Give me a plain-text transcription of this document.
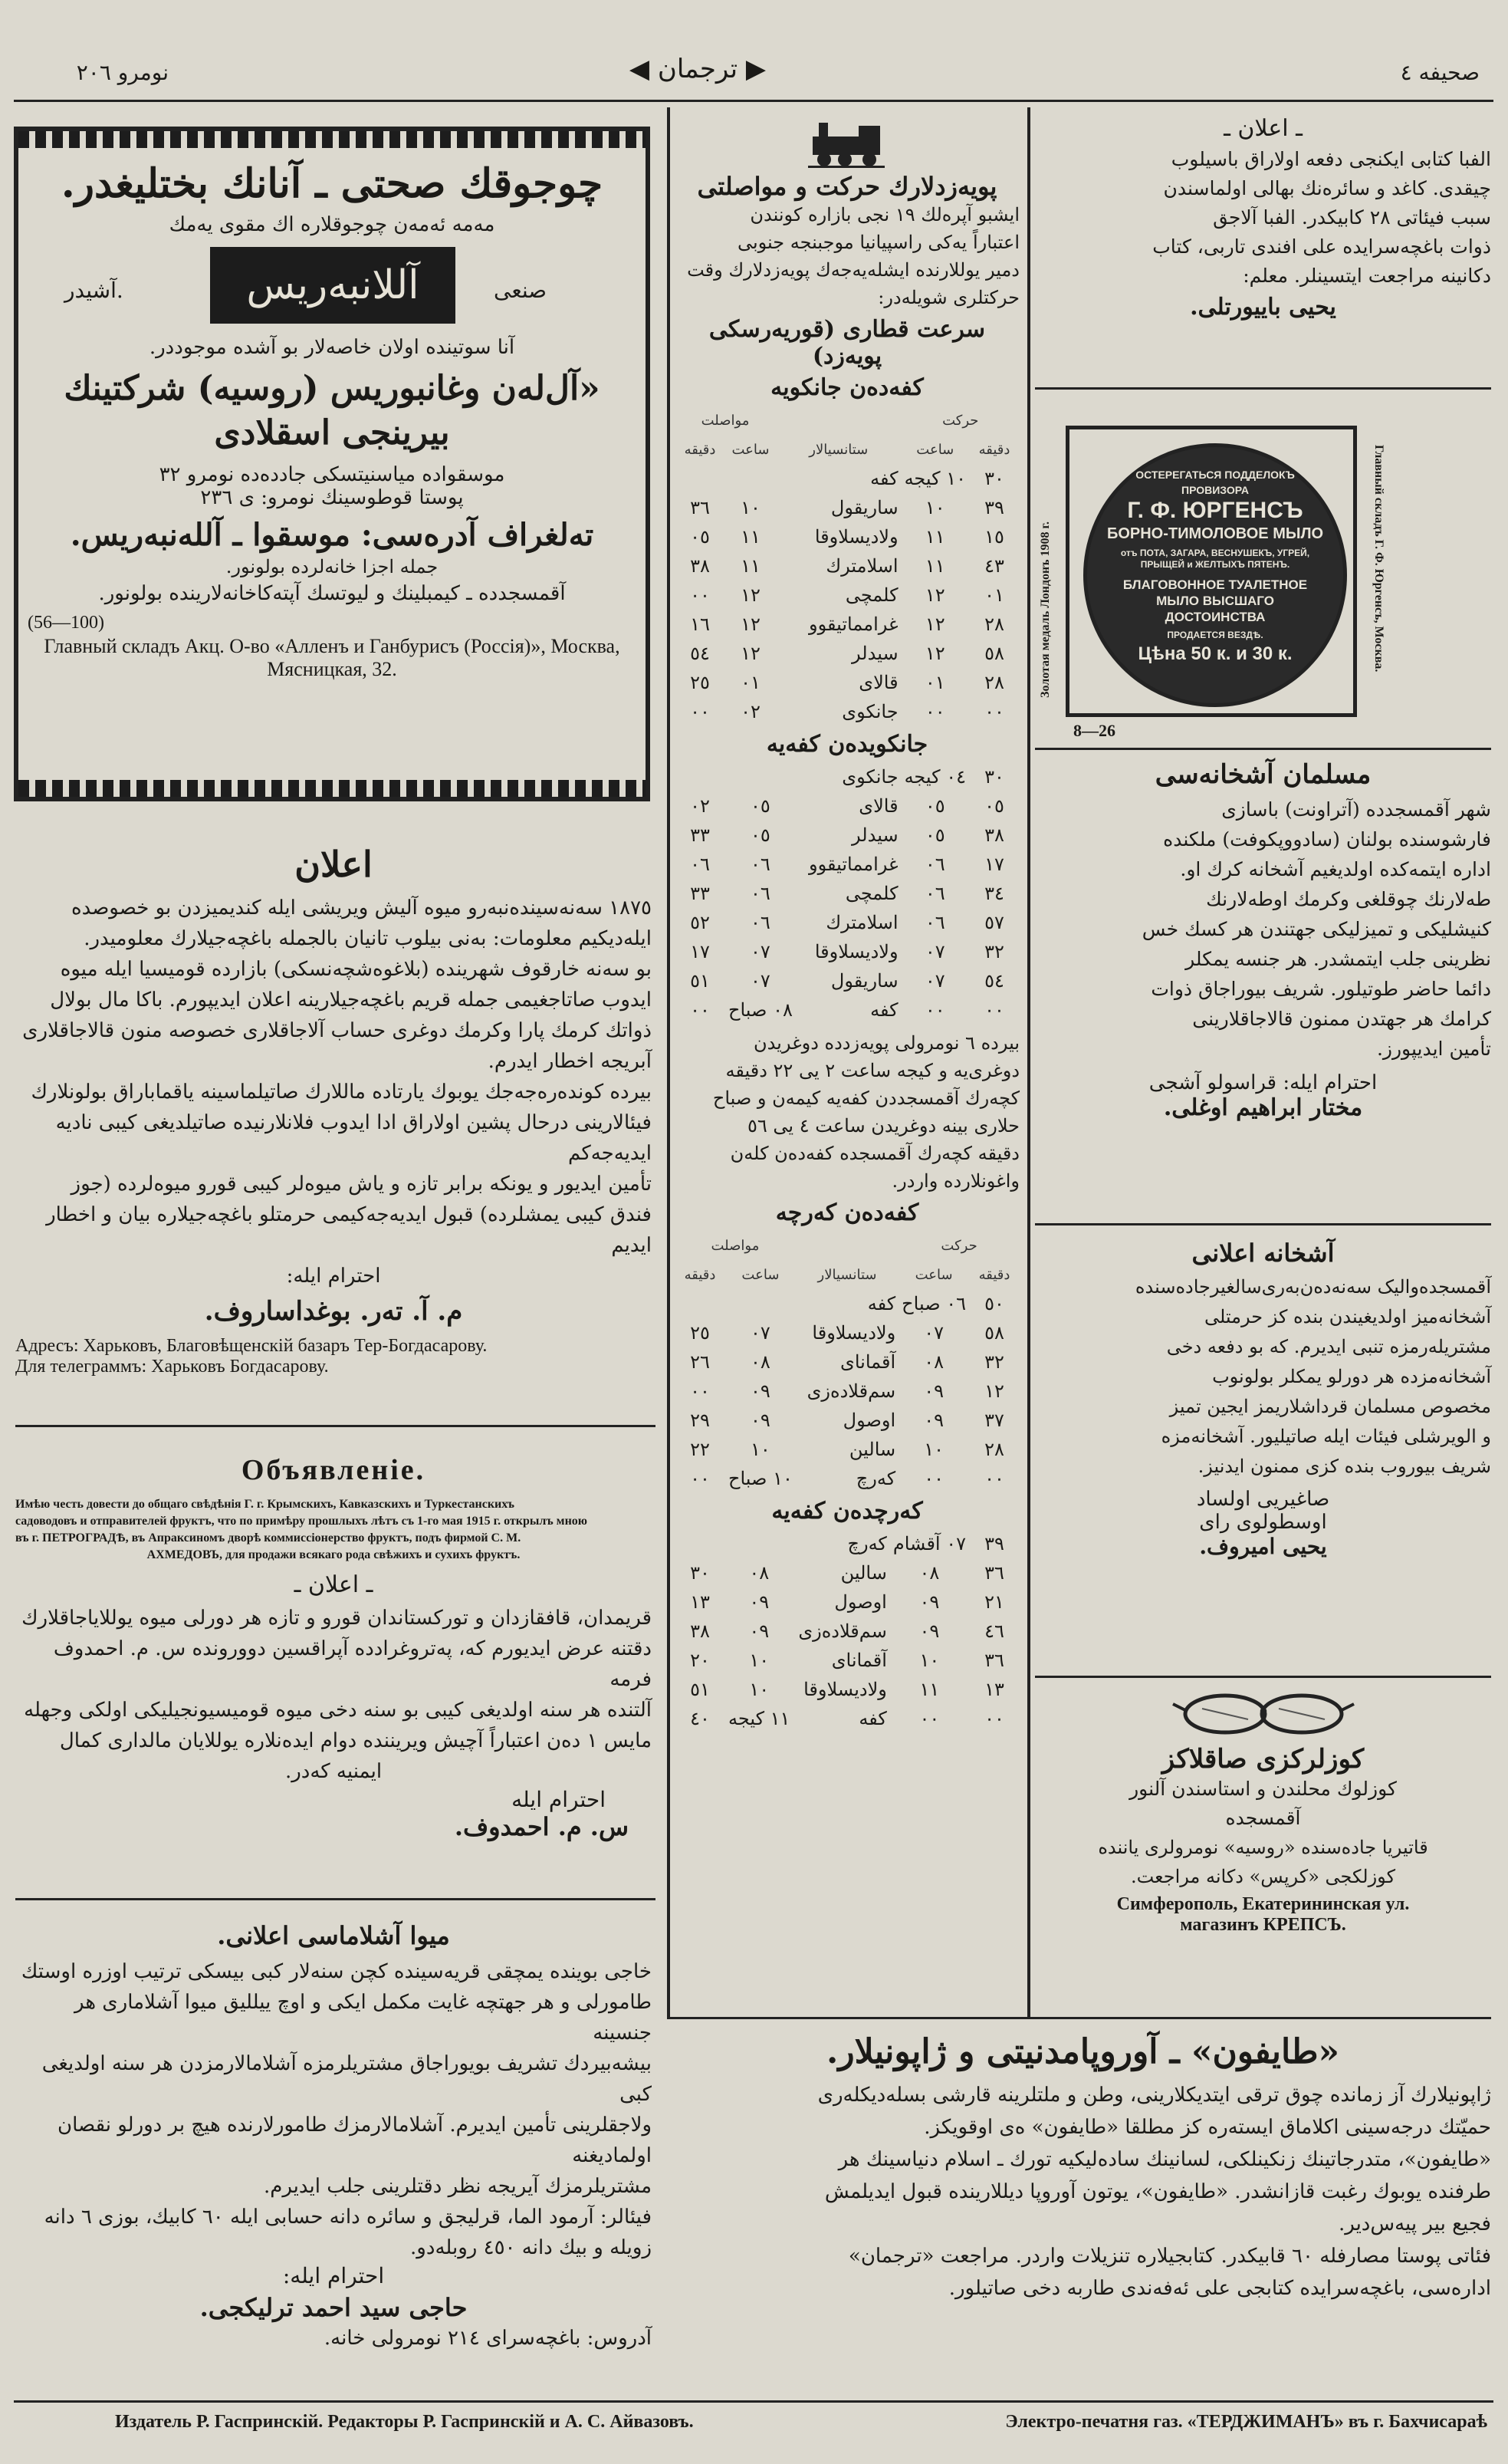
نومرو ٢٠٦	◀ ترجمان ▶	صحیفه ٤
چوجوقك صحتی ـ آنانك بختلیغدر.
مه‌مه ئه‌مه‌ن چوجوقلاره اك مقوی یه‌مك
آشیدر.	آللانبه‌ریس	صنعی
آنا سوتینده اولان خاصه‌لار بو آشده موجوددر.
«آل‌له‌ن وغانبوریس (روسیه) شرکتینك بیرینجی اسقلادی
موسقواده میاسنیتسکی جادده‌ده نومرو ٣٢
پوستا قوطوسینك نومرو‌: ی ٢٣٦
تەلغراف آدره‌سی: موسقوا ـ آللەنبه‌ریس.
جمله اجزا خانه‌لرده بولونور.
آقمسجدده ـ کیمبلینك و لیوتسك آپتەکاخانه‌لارینده بولونور.
(56—100)
Главный складъ Акц. О-во «Алленъ и Ганбурисъ (Россія)», Москва,
Мясницкая, 32.
اعلان

١٨٧٥ سەنەسیندەنبەرو میوه آلیش ویریشی ایله کندیمیزدن بو خصوصده

ایله‌دیکیم معلومات: بەنی بیلوب تانیان بالجمله باغچه‌جیلارك معلومیدر.

بو سه‌نه خارقوف شهرینده (بلاغوەشچەنسکی) بازارده قومیسیا ایله میوه

ایدوب صاتاجغیمی جمله قریم باغچه‌جیلارینه اعلان ایدیپورم. باکا مال بولال

ذواتك کرمك پارا وکرمك دوغری حساب آلاجاقلاری خصوصه منون قالاجاقلاری

آبریجه اخطار ایدرم.

بیرده کوندەرەجه‌جك یوبوك یارتاده ماللارك صاتیلماسینه یاقماباراق بولونلارك

فیئالارینی درحال پشین اولاراق ادا ایدوب فلانلارنیده صاتیلدیغی کیبی نادیه ایدیه‌جه‌کم

تأمین ایدیور و یونکه برابر تازه و یاش میوه‌لر کیبی قورو میوه‌لرده (جوز

فندق کیبی یمشلرده) قبول ایدیه‌جه‌کیمی حرمتلو باغچه‌جیلاره بیان و اخطار ایدیم

احترام ایله:

م. آ. تەر. بوغداساروف.
Адресъ: Харьковъ, Благовѣщенскій базаръ Тер-Богдасарову.
Для телеграммъ: Харьковъ Богдасарову.
Объявленіе.
Имѣю честь довести до общаго свѣдѣнія Г. г. Крымскихъ, Кавказскихъ и Туркестанскихъ
садоводовъ и отправителей фруктъ, что по примѣру прошлыхъ лѣтъ съ 1-го мая 1915 г. открылъ мною
въ г. ПЕТРОГРАДѢ, въ Апраксиномъ дворѣ коммиссіонерство фруктъ, подъ фирмой С. М.
АХМЕДОВЪ, для продажи всякаго рода свѣжихъ и сухихъ фруктъ.
ـ اعلان ـ

قریمدان، قافقازدان و تورکستاندان قورو و تازه هر دورلی میوه یوللایاجاقلارك

دقتنه عرض ایدیورم که، پەتروغرادده آپراقسین دووروندە س. م. احمدوف فرمه

آلتنده هر سنه اولدیغی کیبی بو سنه دخی میوه قومیسیونجیلیکی اولکی وجهله

مایس ١ دەن اعتباراً آچیش ویریننده دوام ایدەنلارە یوللایان مالداری کمال

ایمنیه کەدر.

احترام ایله
س. م. احمدوف.
میوا آشلاماسی اعلانی.

خاجی بوینده یمچقی قریه‌سینده کچن سنەلار کبی بیسکی ترتیب اوزره اوستك

طامورلی و هر جهتچه غایت مکمل ایکی و اوچ ییللیق میوا آشلاماری هر جنسینه

بیشه‌بیردك تشریف بویوراجاق مشتریلرمزه آشلامالارمزدن هر سنه اولدیغی کبی

ولاجقلرینی تأمین ایدیرم. آشلامالارمزك طامورلارنده هیچ بر دورلو نقصان اولمادیغنه

مشتریلرمزك آیریجه نظر دقتلرینی جلب ایدیرم.

فیئالر: آرمود الما، قرلیجق و سائره دانه حسابی ایله ٦٠ کابیك، بوزی ٦ دانه

زویله و بیك دانه ٤٥٠ روبله‌دو.

احترام ایله:
حاجی سید احمد ترلیکجی.
آدروس: باغچه‌سرای ٢١٤ نومرولی خانه.
پویه‌زدلارك حرکت و مواصلتی
ایشبو آپره‌لك ١٩ نجی بازاره کونندن
اعتباراً یه‌کی راسپیانیا موجبنجه جنوبی
دمیر یوللارنده ایشله‌یه‌جه‌ك پویه‌زدلارك وقت
حرکتلری شویله‌در:
سرعت قطاری (قوریه‌رسکی پویه‌زد)
کفه‌دەن جانکویه
مواصلت			حرکت	
دقیقه	ساعت	ستانسیالار	ساعت	دقیقه
		کفه	١٠ کیجه	٣٠
٣٦	١٠	ساریقول	١٠	٣٩
٠٥	١١	ولادیسلاوقا	١١	١٥
٣٨	١١	اسلامترك	١١	٤٣
٠٠	١٢	کلمچی	١٢	٠١
١٦	١٢	غرامماتیقوو	١٢	٢٨
٥٤	١٢	سیدلر	١٢	٥٨
٢٥	٠١	قالای	٠١	٢٨
٠٠	٠٢	جانکوی	٠٠	٠٠
جانکویدەن کفەیه
		جانکوی	٠٤ کیجه	٣٠
٠٢	٠٥	قالای	٠٥	٠٥
٣٣	٠٥	سیدلر	٠٥	٣٨
٠٦	٠٦	غرامماتیقوو	٠٦	١٧
٣٣	٠٦	کلمچی	٠٦	٣٤
٥٢	٠٦	اسلامترك	٠٦	٥٧
١٧	٠٧	ولادیسلاوقا	٠٧	٣٢
٥١	٠٧	ساریقول	٠٧	٥٤
٠٠	٠٨ صباح	کفه	٠٠	٠٠
بیرده ٦ نومرولی پویه‌زدده دوغریدن
دوغری‌یه و کیجه ساعت ٢ یی ٢٢ دقیقه
کچه‌رك آقمسجددن کفه‌یه کیمەن و صباح
حلاری بینه دوغریدن ساعت ٤ یی ٥٦
دقیقه کچه‌رك آقمسجده کفه‌دەن کله‌ن
واغونلارده واردر.
کفه‌دەن کەرچه
مواصلت			حرکت	
دقیقه	ساعت	ستانسیالار	ساعت	دقیقه
		کفه	٠٦ صباح	٥٠
٢٥	٠٧	ولادیسلاوقا	٠٧	٥٨
٢٦	٠٨	آقمانای	٠٨	٣٢
٠٠	٠٩	سم‌قلادەزی	٠٩	١٢
٢٩	٠٩	اوصول	٠٩	٣٧
٢٢	١٠	سالین	١٠	٢٨
٠٠	١٠ صباح	کەرچ	٠٠	٠٠
کەرچدەن کفه‌یه
		کەرچ	٠٧ آقشام	٣٩
٣٠	٠٨	سالین	٠٨	٣٦
١٣	٠٩	اوصول	٠٩	٢١
٣٨	٠٩	سم‌قلادەزی	٠٩	٤٦
٢٠	١٠	آقمانای	١٠	٣٦
٥١	١٠	ولادیسلاوقا	١١	١٣
٤٠	١١ کیجه	کفه	٠٠	٠٠
ـ اعلان ـ
الفبا کتابی ایکنجی دفعه اولاراق باسیلوب
چیقدی. کاغد و سائرەنك بهالی اولماسندن
سبب فیئاتی ٢٨ کابیکدر. الفبا آلاجق
ذوات باغچه‌سرایده علی افندی تاربی، کتاب
دکانینه مراجعت ایتسینلر. معلم:
یحیی باییورتلی.
Золотая медаль Лондонъ 1908 г.
ОСТЕРЕГАТЬСЯ ПОДДЕЛОКЪ
ПРОВИЗОРА
Г. Ф. ЮРГЕНСЪ
БОРНО-ТИМОЛОВОЕ МЫЛО
отъ ПОТА, ЗАГАРА, ВЕСНУШЕКЪ, УГРЕЙ, ПРЫЩЕЙ и ЖЕЛТЫХЪ ПЯТЕНЪ.
БЛАГОВОННОЕ ТУАЛЕТНОЕ МЫЛО ВЫСШАГО ДОСТОИНСТВА
ПРОДАЕТСЯ ВЕЗДѢ.
Цѣна 50 к. и 30 к.	Главный складъ Г. Ф. Юргенсъ, Москва.
8—26
مسلمان آشخانه‌سی
شهر آقمسجدده (آتراونت) باسازی
فارشوسنده بولنان (سادووپکوفت) ملکنده
اداره ایتمه‌کده اولدیغیم آشخانه کرك او.
طه‌لارنك چوقلغی وکرمك اوطه‌لارنك
کنیشلیکی و تمیزلیکی جهتندن هر کسك خس
نظرینی جلب ایتمشدر. هر جنسه یمکلر
دائما حاضر طوتیلور. شریف بیوراجاق ذوات
کرامك هر جهتدن ممنون قالاجاقلارینی
تأمین ایدیپورز.
احترام ایله: قراسولو آشجی
مختار ابراهیم اوغلی.
آشخانه اعلانی
آقمسجده‌والیک سه‌نه‌دەن‌بەری‌سالغیرجادەسنده
آشخانه‌میز اولدیغیندن بنده کز حرمتلی
مشتریله‌رمزه تنبی ایدیرم. که بو دفعه دخی
آشخانه‌مزده هر دورلو یمکلر بولونوب
مخصوص مسلمان قرداشلاریمز ایجین تمیز
و الویرشلی فیئات ایله صاتیلیور. آشخانه‌مزه
شریف بیوروب بنده کزی ممنون ایدنیز.
صاغیریی اولساد
اوسطولوی رای
یحیی امیروف.
کوزلرکزی صاقلاکز
کوزلوك محلندن و استاسندن آلنور
آقمسجده
قاتیریا جاده‌سنده «روسیه» نومرولری یاننده
کوزلکجی «کرپس» دکانه مراجعت.
Симферополь, Екатерининская ул.
магазинъ КРЕПСЪ.
«طایفون» ـ آوروپامدنیتی و ژاپونیلار.
ژاپونیلارك آز زمانده چوق ترقی ایتدیکلارینی، وطن و ملتلرینه قارشی بسلەدیکلەری
حمیّتك درجه‌سینی اکلاماق ایسته‌ره کز مطلقا «طایفون» ه‌ی اوقویکز.
«طایفون»، متدرجاتینك زنکینلکی، لسانینك ساده‌لیکیه تورك ـ اسلام دنیاسینك هر
طرفنده یوبوك رغبت قازانشدر. «طایفون»، یوتون آوروپا دیللارینده قبول ایدیلمش
فجیع بیر پیه‌س‌دیر.
فئاتی پوستا مصارفله ٦٠ قابیکدر. کتابجیلاره تنزیلات واردر. مراجعت «ترجمان»
اداره‌سی، باغچه‌سرایده کتابجی علی ئه‌فه‌ندی طاربه دخی صاتیلور.
Издатель Р. Гаспринскій. Редакторы Р. Гаспринскій и А. С. Айвазовъ.	Электро-печатня газ. «ТЕРДЖИМАНЪ» въ г. Бахчисараѣ
